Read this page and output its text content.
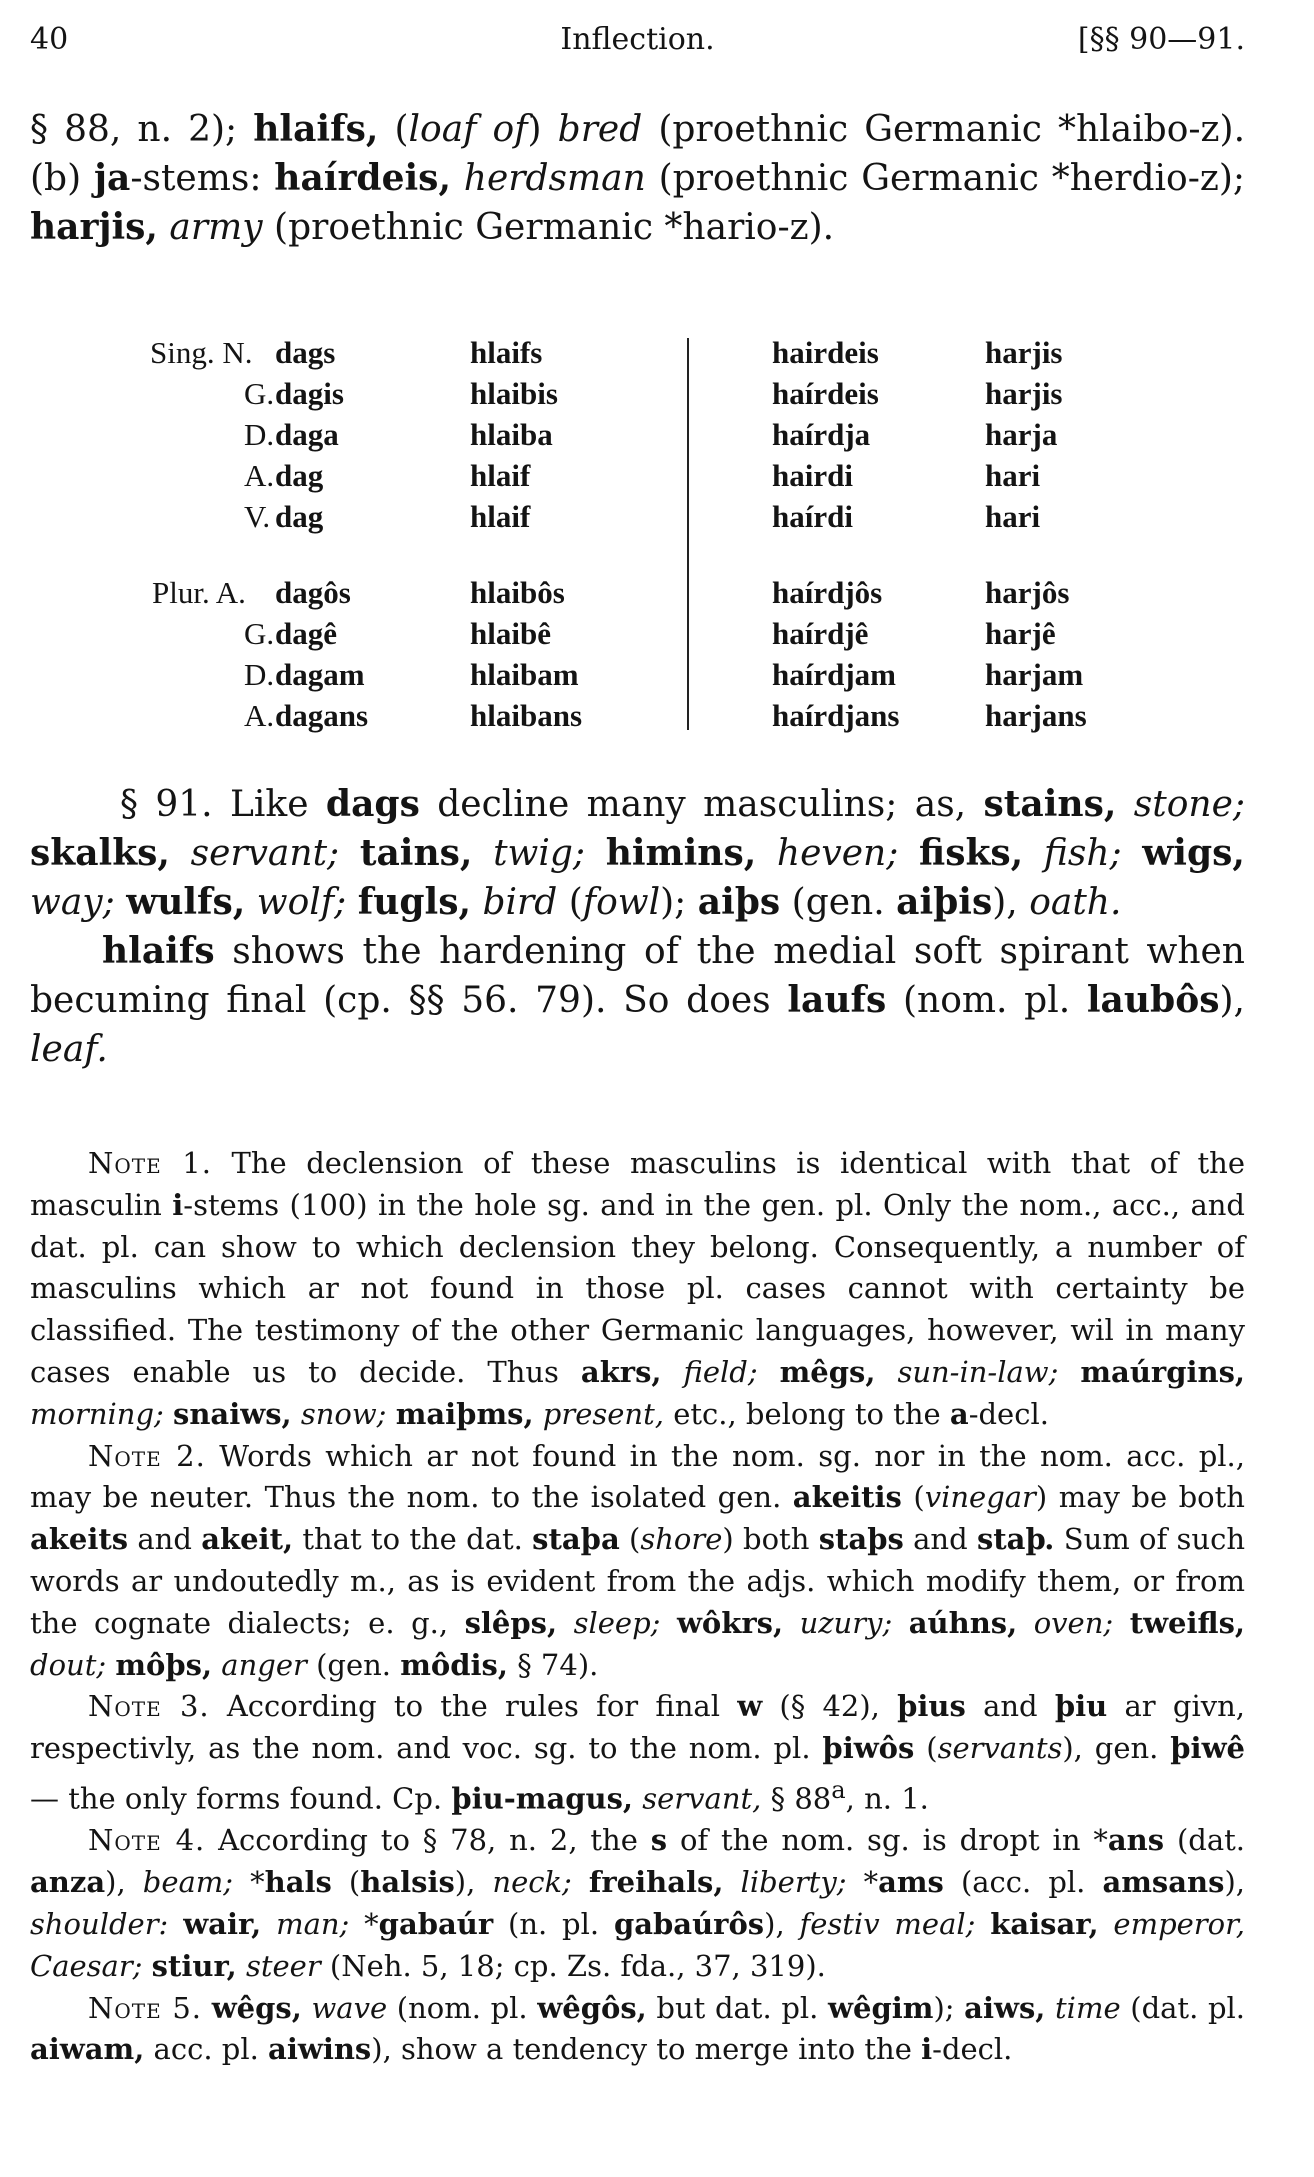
40	Inflection.	[§§ 90—91.
§ 88, n. 2); hlaifs, (loaf of) bred (proethnic Germanic *hlaibo-z). (b) ja-stems: haírdeis, herdsman (proethnic Germanic *herdio-z); harjis, army (proethnic Germanic *hario-z).
Sing. N. dags	hlaifs	hairdeis	harjis
G. dagis	hlaibis	haírdeis	harjis
D. daga	hlaiba	haírdja	harja
A. dag	hlaif	hairdi	hari
V. dag	hlaif	haírdi	hari
Plur. A. dagôs	hlaibôs	haírdjôs	harjôs
G. dagê	hlaibê	haírdjê	harjê
D. dagam	hlaibam	haírdjam	harjam
A. dagans	hlaibans	haírdjans	harjans

§ 91. Like dags decline many masculins; as, stains, stone; skalks, servant; tains, twig; himins, heven; fisks, fish; wigs, way; wulfs, wolf; fugls, bird (fowl); aiþs (gen. aiþis), oath.

hlaifs shows the hardening of the medial soft spirant when becuming final (cp. §§ 56. 79). So does laufs (nom. pl. laubôs), leaf.

Note 1. The declension of these masculins is identical with that of the masculin i-stems (100) in the hole sg. and in the gen. pl. Only the nom., acc., and dat. pl. can show to which declension they belong. Consequently, a number of masculins which ar not found in those pl. cases cannot with certainty be classified. The testimony of the other Germanic languages, however, wil in many cases enable us to decide. Thus akrs, field; mêgs, sun-in-law; maúrgins, morning; snaiws, snow; maiþms, present, etc., belong to the a-decl.

Note 2. Words which ar not found in the nom. sg. nor in the nom. acc. pl., may be neuter. Thus the nom. to the isolated gen. akeitis (vinegar) may be both akeits and akeit, that to the dat. staþa (shore) both staþs and staþ. Sum of such words ar undoutedly m., as is evident from the adjs. which modify them, or from the cognate dialects; e. g., slêps, sleep; wôkrs, uzury; aúhns, oven; tweifls, dout; môþs, anger (gen. môdis, § 74).

Note 3. According to the rules for final w (§ 42), þius and þiu ar givn, respectivly, as the nom. and voc. sg. to the nom. pl. þiwôs (servants), gen. þiwê — the only forms found. Cp. þiu-magus, servant, § 88$^a$, n. 1.

Note 4. According to § 78, n. 2, the s of the nom. sg. is dropt in *ans (dat. anza), beam; *hals (halsis), neck; freihals, liberty; *ams (acc. pl. amsans), shoulder: wair, man; *gabaúr (n. pl. gabaúrôs), festiv meal; kaisar, emperor, Caesar; stiur, steer (Neh. 5, 18; cp. Zs. fda., 37, 319).

Note 5. wêgs, wave (nom. pl. wêgôs, but dat. pl. wêgim); aiws, time (dat. pl. aiwam, acc. pl. aiwins), show a tendency to merge into the i-decl.
